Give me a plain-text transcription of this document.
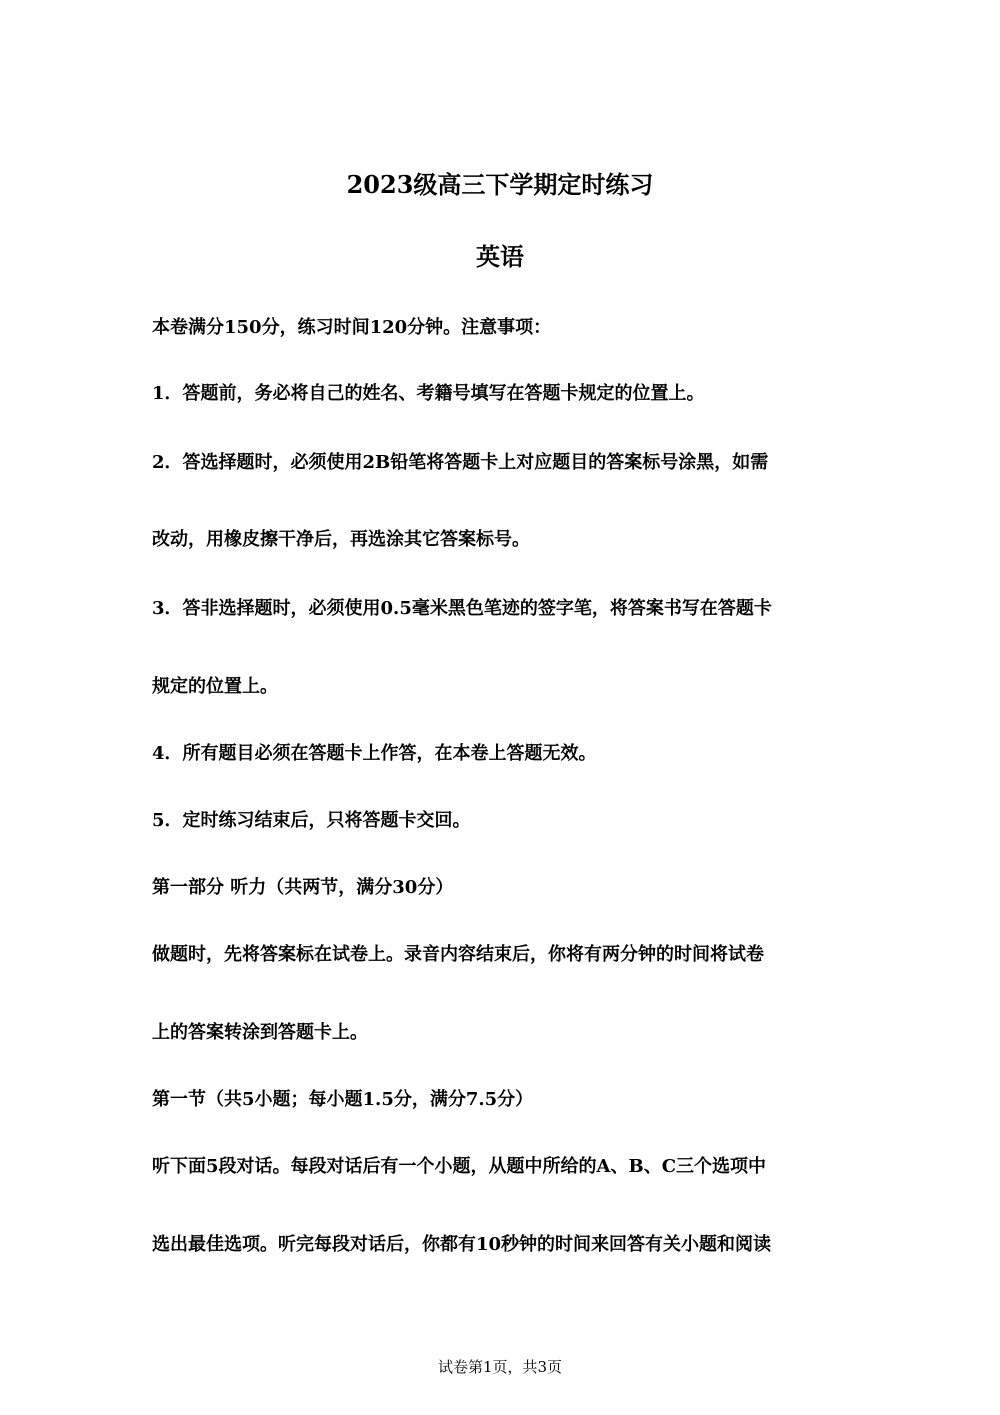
2023级高三下学期定时练习
英语
本卷满分150分，练习时间120分钟。注意事项：
1．答题前，务必将自己的姓名、考籍号填写在答题卡规定的位置上。
2．答选择题时，必须使用2B铅笔将答题卡上对应题目的答案标号涂黑，如需
改动，用橡皮擦干净后，再选涂其它答案标号。
3．答非选择题时，必须使用0.5毫米黑色笔迹的签字笔，将答案书写在答题卡
规定的位置上。
4．所有题目必须在答题卡上作答，在本卷上答题无效。
5．定时练习结束后，只将答题卡交回。
第一部分 听力（共两节，满分30分）
做题时，先将答案标在试卷上。录音内容结束后，你将有两分钟的时间将试卷
上的答案转涂到答题卡上。
第一节（共5小题；每小题1.5分，满分7.5分）
听下面5段对话。每段对话后有一个小题，从题中所给的A、B、C三个选项中
选出最佳选项。听完每段对话后，你都有10秒钟的时间来回答有关小题和阅读
试卷第1页，共3页
